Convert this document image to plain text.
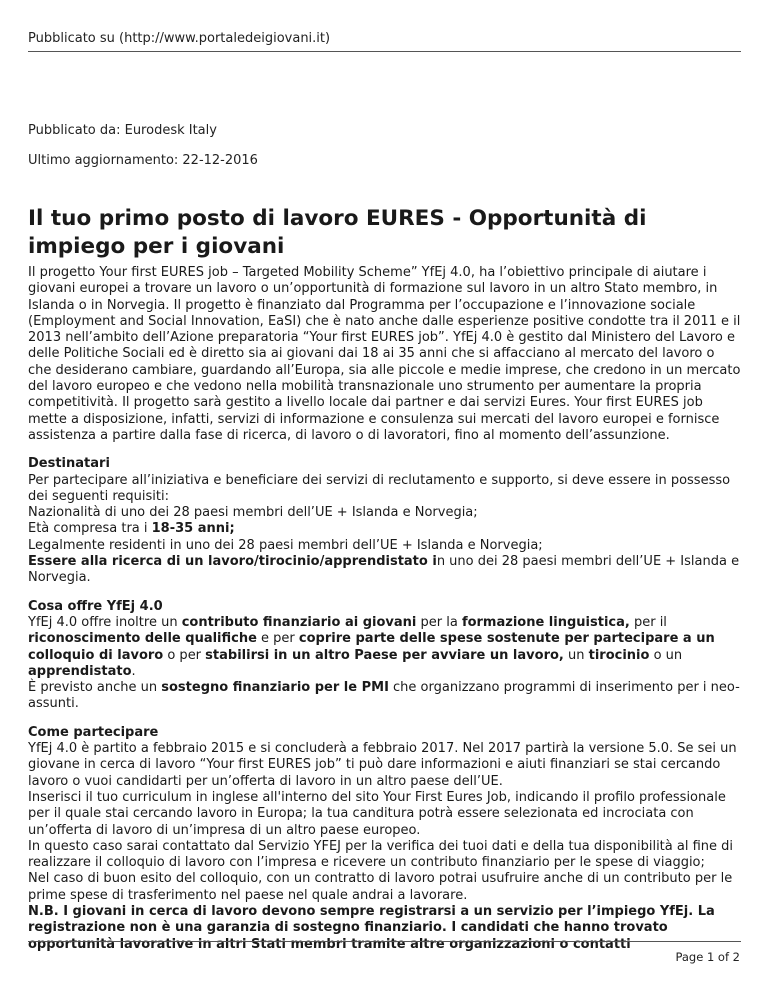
Pubblicato su (http://www.portaledeigiovani.it)
Pubblicato da: Eurodesk Italy
Ultimo aggiornamento: 22-12-2016
Il tuo primo posto di lavoro EURES - Opportunità di impiego per i giovani

Il progetto Your first EURES job – Targeted Mobility Scheme” YfEj 4.0, ha l’obiettivo principale di aiutare i giovani europei a trovare un lavoro o un’opportunità di formazione sul lavoro in un altro Stato membro, in Islanda o in Norvegia. Il progetto è finanziato dal Programma per l’occupazione e l’innovazione sociale (Employment and Social Innovation, EaSI) che è nato anche dalle esperienze positive condotte tra il 2011 e il 2013 nell’ambito dell’Azione preparatoria “Your first EURES job”. YfEj 4.0 è gestito dal Ministero del Lavoro e delle Politiche Sociali ed è diretto sia ai giovani dai 18 ai 35 anni che si affacciano al mercato del lavoro o che desiderano cambiare, guardando all’Europa, sia alle piccole e medie imprese, che credono in un mercato del lavoro europeo e che vedono nella mobilità transnazionale uno strumento per aumentare la propria competitività. Il progetto sarà gestito a livello locale dai partner e dai servizi Eures. Your first EURES job mette a disposizione, infatti, servizi di informazione e consulenza sui mercati del lavoro europei e fornisce assistenza a partire dalla fase di ricerca, di lavoro o di lavoratori, fino al momento dell’assunzione.

Destinatari

Per partecipare all’iniziativa e beneficiare dei servizi di reclutamento e supporto, si deve essere in possesso dei seguenti requisiti:

Nazionalità di uno dei 28 paesi membri dell’UE + Islanda e Norvegia;

Età compresa tra i 18-35 anni;

Legalmente residenti in uno dei 28 paesi membri dell’UE + Islanda e Norvegia;

Essere alla ricerca di un lavoro/tirocinio/apprendistato in uno dei 28 paesi membri dell’UE + Islanda e Norvegia.

Cosa offre YfEj 4.0

YfEj 4.0 offre inoltre un contributo finanziario ai giovani per la formazione linguistica, per il riconoscimento delle qualifiche e per coprire parte delle spese sostenute per partecipare a un colloquio di lavoro o per stabilirsi in un altro Paese per avviare un lavoro, un tirocinio o un apprendistato.

È previsto anche un sostegno finanziario per le PMI che organizzano programmi di inserimento per i neo-assunti.

Come partecipare

YfEj 4.0 è partito a febbraio 2015 e si concluderà a febbraio 2017. Nel 2017 partirà la versione 5.0. Se sei un giovane in cerca di lavoro “Your first EURES job” ti può dare informazioni e aiuti finanziari se stai cercando lavoro o vuoi candidarti per un’offerta di lavoro in un altro paese dell’UE.

Inserisci il tuo curriculum in inglese all'interno del sito Your First Eures Job, indicando il profilo professionale per il quale stai cercando lavoro in Europa; la tua canditura potrà essere selezionata ed incrociata con un’offerta di lavoro di un’impresa di un altro paese europeo.

In questo caso sarai contattato dal Servizio YFEJ per la verifica dei tuoi dati e della tua disponibilità al fine di realizzare il colloquio di lavoro con l’impresa e ricevere un contributo finanziario per le spese di viaggio;

Nel caso di buon esito del colloquio, con un contratto di lavoro potrai usufruire anche di un contributo per le prime spese di trasferimento nel paese nel quale andrai a lavorare.

N.B. I giovani in cerca di lavoro devono sempre registrarsi a un servizio per l’impiego YfEj. La registrazione non è una garanzia di sostegno finanziario. I candidati che hanno trovato opportunità lavorative in altri Stati membri tramite altre organizzazioni o contatti

Page 1 of 2
